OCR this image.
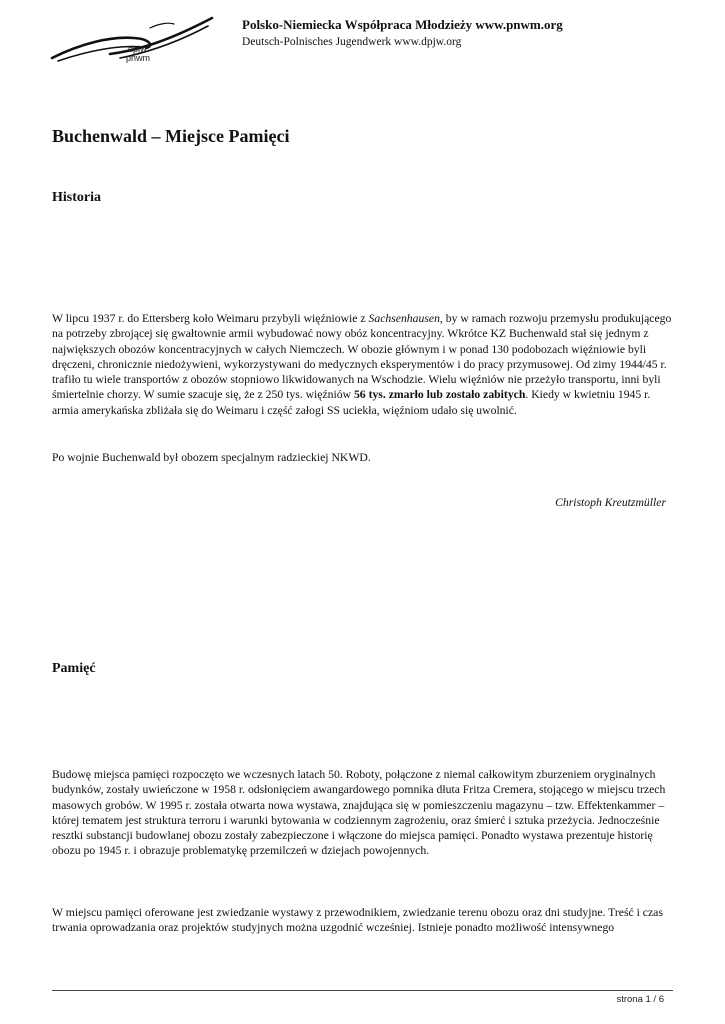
dpjw
pnwm
Polsko-Niemiecka Współpraca Młodzieży www.pnwm.org
Deutsch-Polnisches Jugendwerk www.dpjw.org
Buchenwald – Miejsce Pamięci
Historia

W lipcu 1937 r. do Ettersberg koło Weimaru przybyli więźniowie z Sachsenhausen, by w ramach rozwoju przemysłu produkującego na potrzeby zbrojącej się gwałtownie armii wybudować nowy obóz koncentracyjny. Wkrótce KZ Buchenwald stał się jednym z największych obozów koncentracyjnych w całych Niemczech. W obozie głównym i w ponad 130 podobozach więźniowie byli dręczeni, chronicznie niedożywieni, wykorzystywani do medycznych eksperymentów i do pracy przymusowej. Od zimy 1944/45 r. trafiło tu wiele transportów z obozów stopniowo likwidowanych na Wschodzie. Wielu więźniów nie przeżyło transportu, inni byli śmiertelnie chorzy. W sumie szacuje się, że z 250 tys. więźniów 56 tys. zmarło lub zostało zabitych. Kiedy w kwietniu 1945 r. armia amerykańska zbliżała się do Weimaru i część załogi SS uciekła, więźniom udało się uwolnić.

Po wojnie Buchenwald był obozem specjalnym radzieckiej NKWD.

Christoph Kreutzmüller
Pamięć

Budowę miejsca pamięci rozpoczęto we wczesnych latach 50. Roboty, połączone z niemal całkowitym zburzeniem oryginalnych budynków, zostały uwieńczone w 1958 r. odsłonięciem awangardowego pomnika dłuta Fritza Cremera, stojącego w miejscu trzech masowych grobów. W 1995 r. została otwarta nowa wystawa, znajdująca się w pomieszczeniu magazynu – tzw. Effektenkammer – której tematem jest struktura terroru i warunki bytowania w codziennym zagrożeniu, oraz śmierć i sztuka przeżycia. Jednocześnie resztki substancji budowlanej obozu zostały zabezpieczone i włączone do miejsca pamięci. Ponadto wystawa prezentuje historię obozu po 1945 r. i obrazuje problematykę przemilczeń w dziejach powojennych.

W miejscu pamięci oferowane jest zwiedzanie wystawy z przewodnikiem, zwiedzanie terenu obozu oraz dni studyjne. Treść i czas trwania oprowadzania oraz projektów studyjnych można uzgodnić wcześniej. Istnieje ponadto możliwość intensywnego

strona 1 / 6
